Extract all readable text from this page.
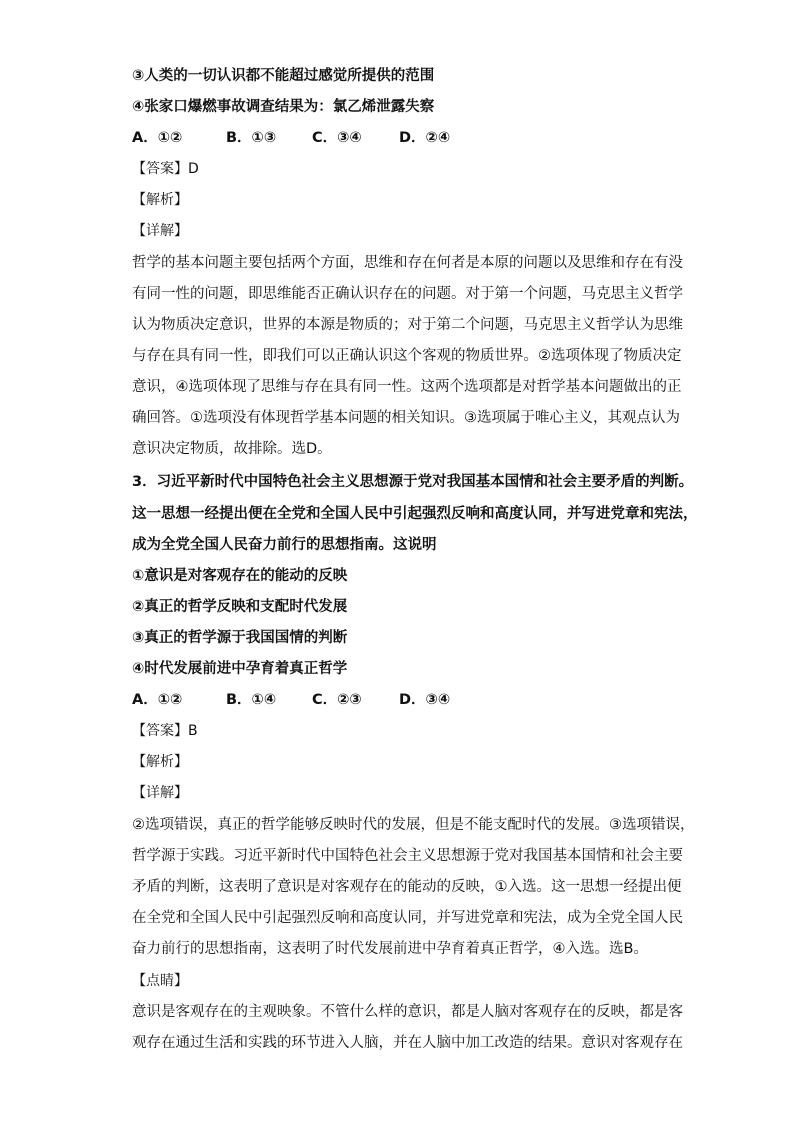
③人类的一切认识都不能超过感觉所提供的范围
④张家口爆燃事故调查结果为：氯乙烯泄露失察
A．①②	B．①③ C．③④	D．②④
【答案】D
【解析】
【详解】
哲学的基本问题主要包括两个方面，思维和存在何者是本原的问题以及思维和存在有没
有同一性的问题，即思维能否正确认识存在的问题。对于第一个问题，马克思主义哲学
认为物质决定意识，世界的本源是物质的；对于第二个问题，马克思主义哲学认为思维
与存在具有同一性，即我们可以正确认识这个客观的物质世界。②选项体现了物质决定
意识，④选项体现了思维与存在具有同一性。这两个选项都是对哲学基本问题做出的正
确回答。①选项没有体现哲学基本问题的相关知识。③选项属于唯心主义，其观点认为
意识决定物质，故排除。选D。
3．习近平新时代中国特色社会主义思想源于党对我国基本国情和社会主要矛盾的判断。
这一思想一经提出便在全党和全国人民中引起强烈反响和高度认同，并写进党章和宪法，
成为全党全国人民奋力前行的思想指南。这说明
①意识是对客观存在的能动的反映
②真正的哲学反映和支配时代发展
③真正的哲学源于我国国情的判断
④时代发展前进中孕育着真正哲学
A．①②	B．①④ C．②③	D．③④
【答案】B
【解析】
【详解】
②选项错误，真正的哲学能够反映时代的发展，但是不能支配时代的发展。③选项错误，
哲学源于实践。习近平新时代中国特色社会主义思想源于党对我国基本国情和社会主要
矛盾的判断，这表明了意识是对客观存在的能动的反映，①入选。这一思想一经提出便
在全党和全国人民中引起强烈反响和高度认同，并写进党章和宪法，成为全党全国人民
奋力前行的思想指南，这表明了时代发展前进中孕育着真正哲学，④入选。选B。
【点睛】
意识是客观存在的主观映象。不管什么样的意识，都是人脑对客观存在的反映，都是客
观存在通过生活和实践的环节进入人脑，并在人脑中加工改造的结果。意识对客观存在
